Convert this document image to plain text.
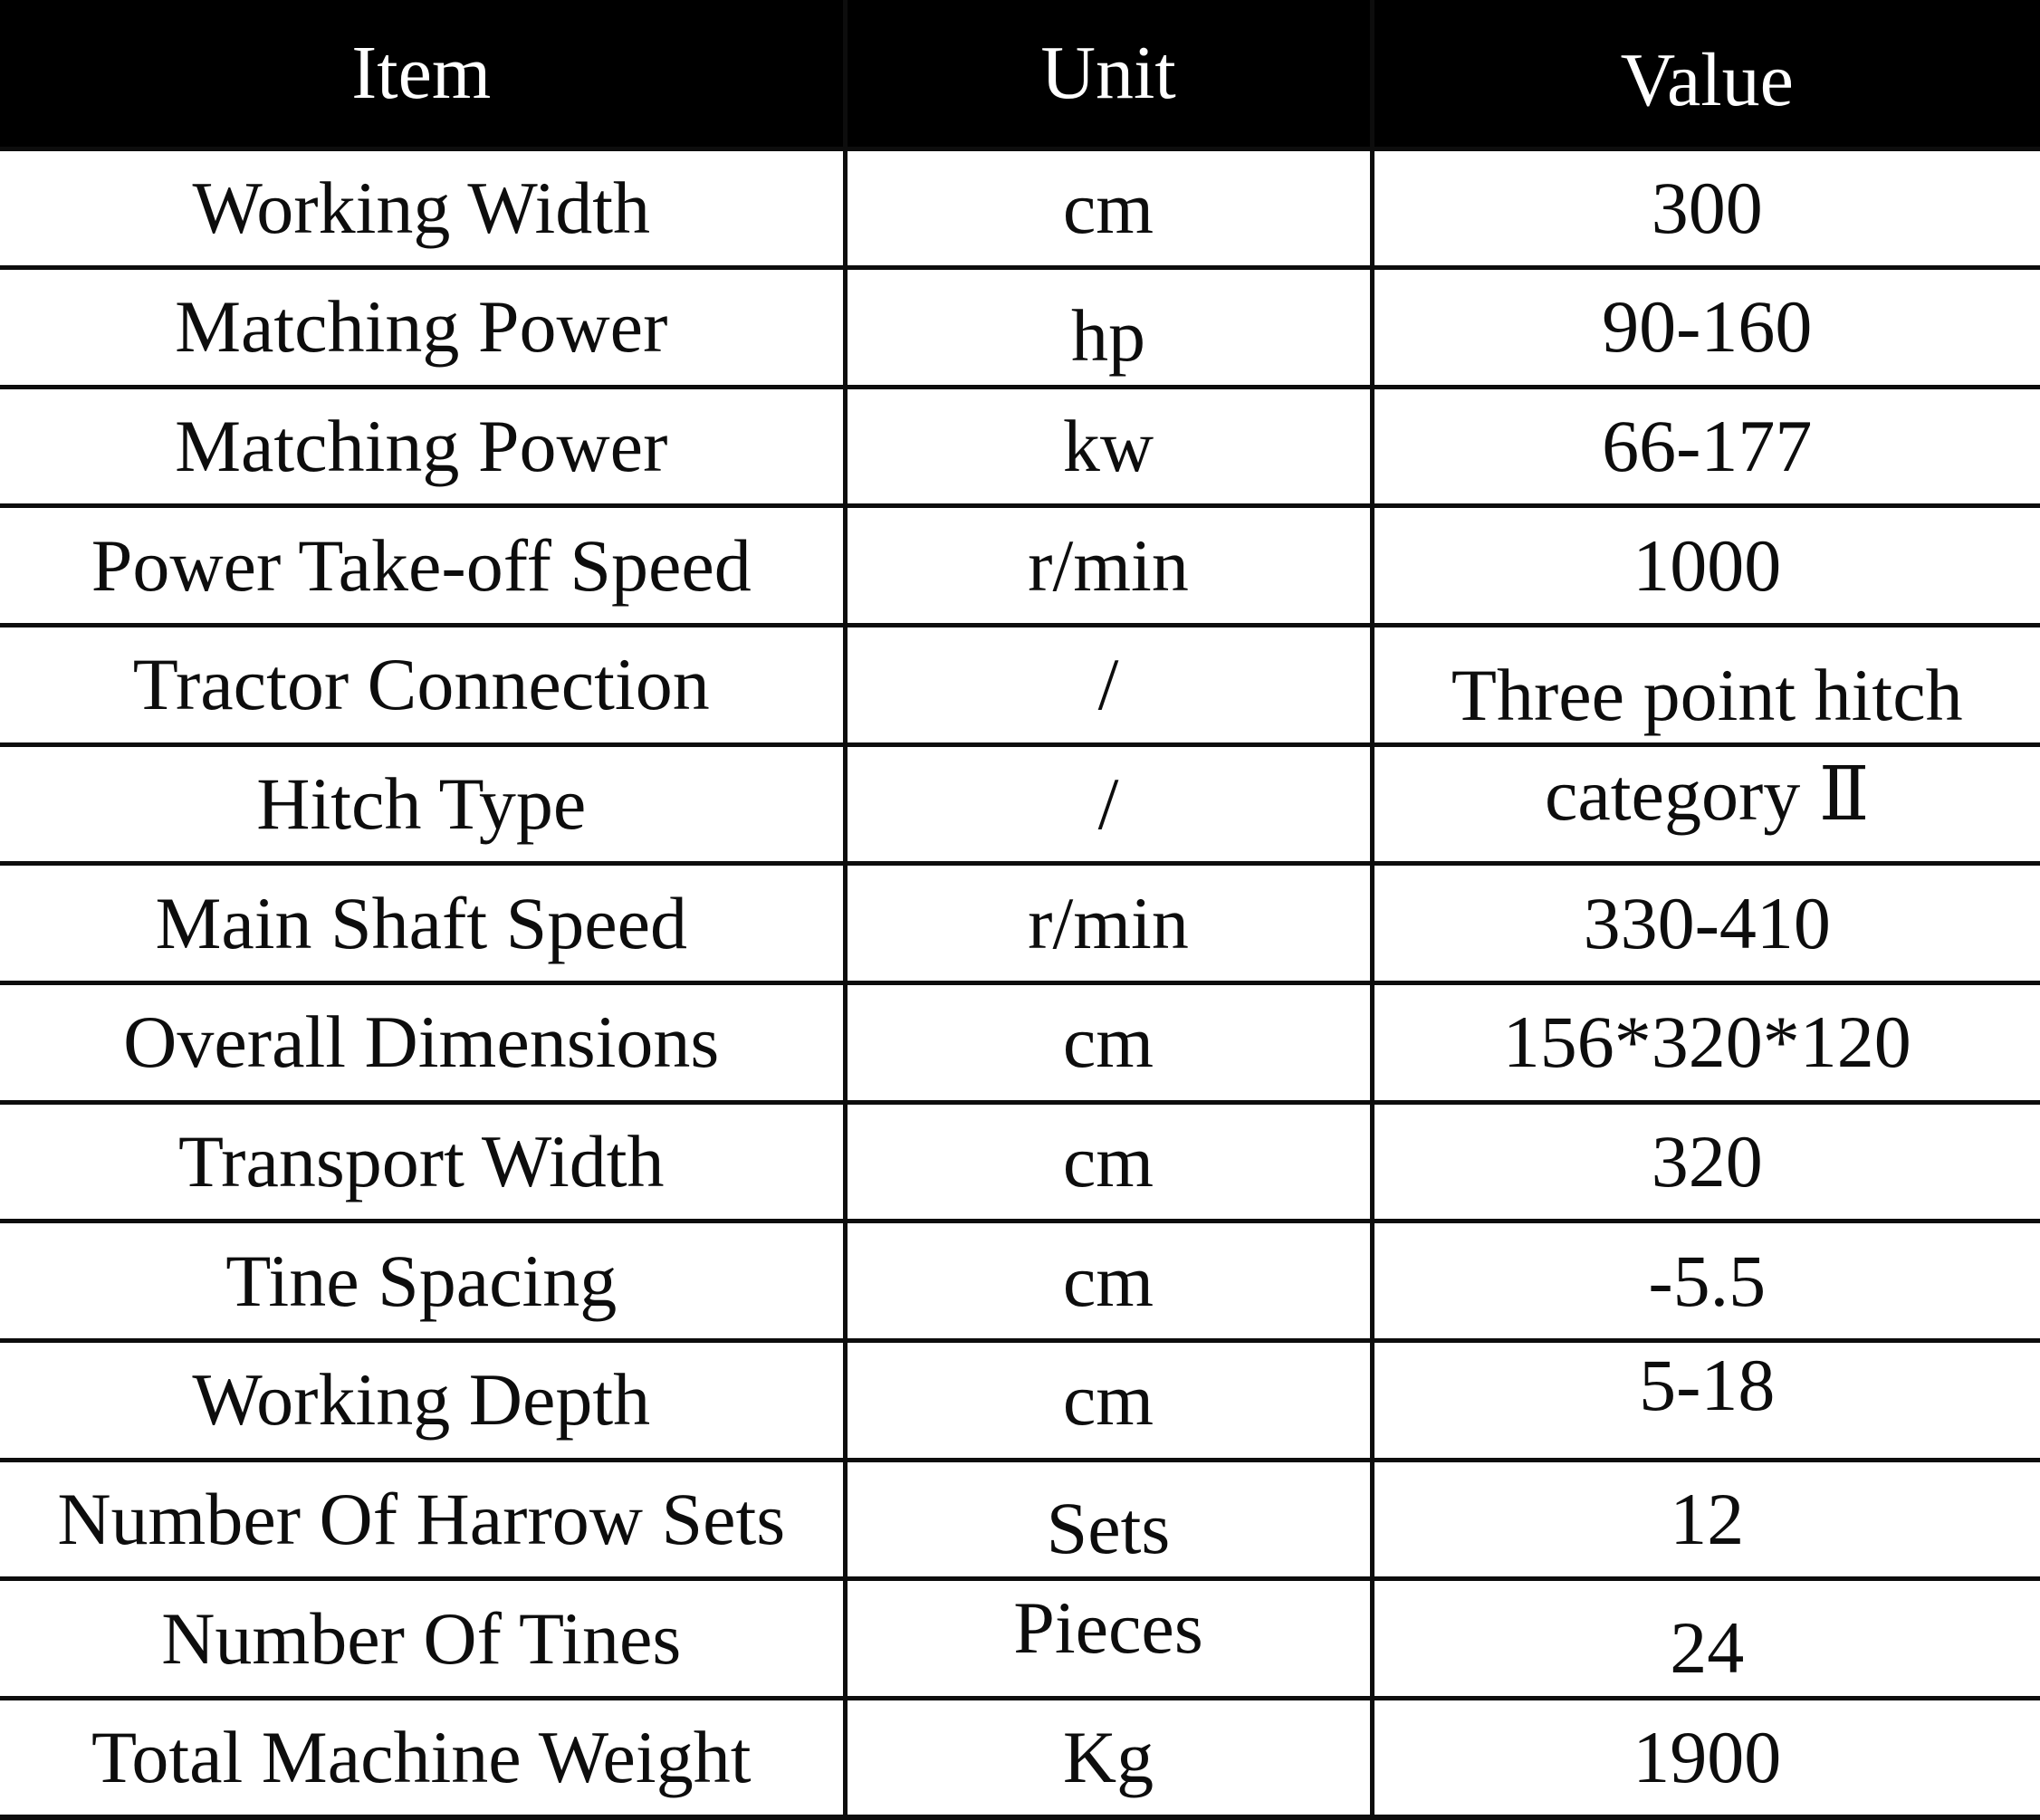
Item	Unit	Value
Working Width	cm	300
Matching Power	hp	90-160
Matching Power	kw	66-177
Power Take-off Speed	r/min	1000
Tractor Connection	/	Three point hitch
Hitch Type	/	category Ⅱ
Main Shaft Speed	r/min	330-410
Overall Dimensions	cm	156*320*120
Transport Width	cm	320
Tine Spacing	cm	-5.5
Working Depth	cm	5-18
Number Of Harrow Sets	Sets	12
Number Of Tines	Pieces	24
Total Machine Weight	Kg	1900
